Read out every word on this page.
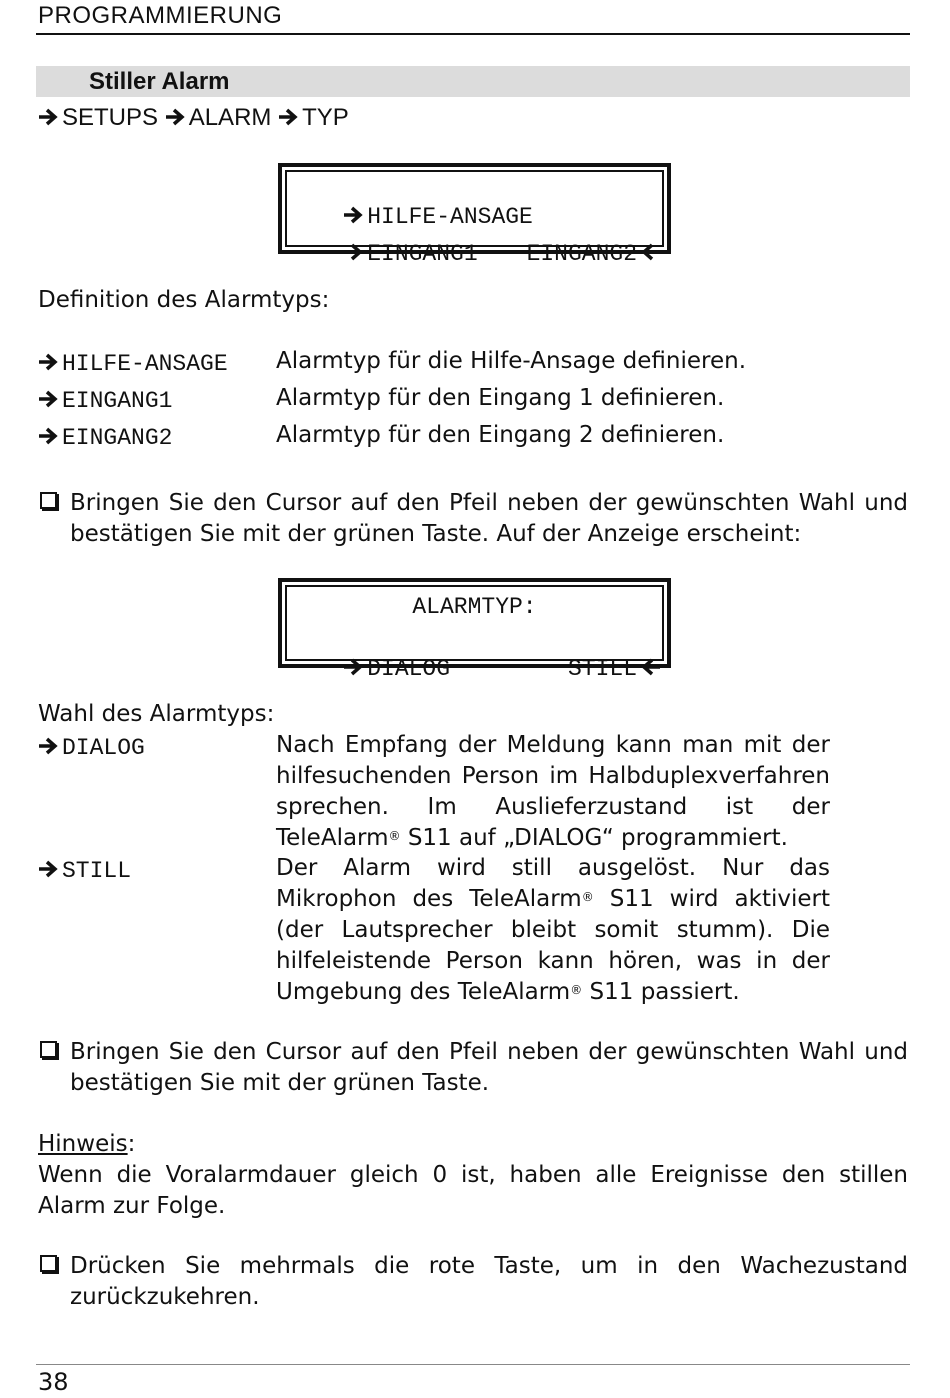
PROGRAMMIERUNG
Stiller Alarm
SETUPS ALARM TYP

HILFE-ANSAGE

EINGANG1
	EINGANG2

Definition des Alarmtyps:
HILFE-ANSAGE Alarmtyp für die Hilfe-Ansage definieren.
EINGANG1	Alarmtyp für den Eingang 1 definieren.
EINGANG2	Alarmtyp für den Eingang 2 definieren.
Bringen Sie den Cursor auf den Pfeil neben der gewünschten Wahl und bestätigen Sie mit der grünen Taste. Auf der Anzeige erscheint:
ALARMTYP:

DIALOG
	STILL

Wahl des Alarmtyps:
DIALOG	Nach Empfang der Meldung kann man mit der hilfesuchenden Person im Halbduplexverfahren sprechen. Im Auslieferzustand ist der TeleAlarm® S11 auf „DIALOG“ programmiert.
STILL	Der Alarm wird still ausgelöst. Nur das Mikrophon des TeleAlarm® S11 wird aktiviert (der Lautsprecher bleibt somit stumm). Die hilfeleistende Person kann hören, was in der Umgebung des TeleAlarm® S11 passiert.
Bringen Sie den Cursor auf den Pfeil neben der gewünschten Wahl und bestätigen Sie mit der grünen Taste.
Hinweis:
Wenn die Voralarmdauer gleich 0 ist, haben alle Ereignisse den stillen Alarm zur Folge.
Drücken Sie mehrmals die rote Taste, um in den Wachezustand zurückzukehren.
38
